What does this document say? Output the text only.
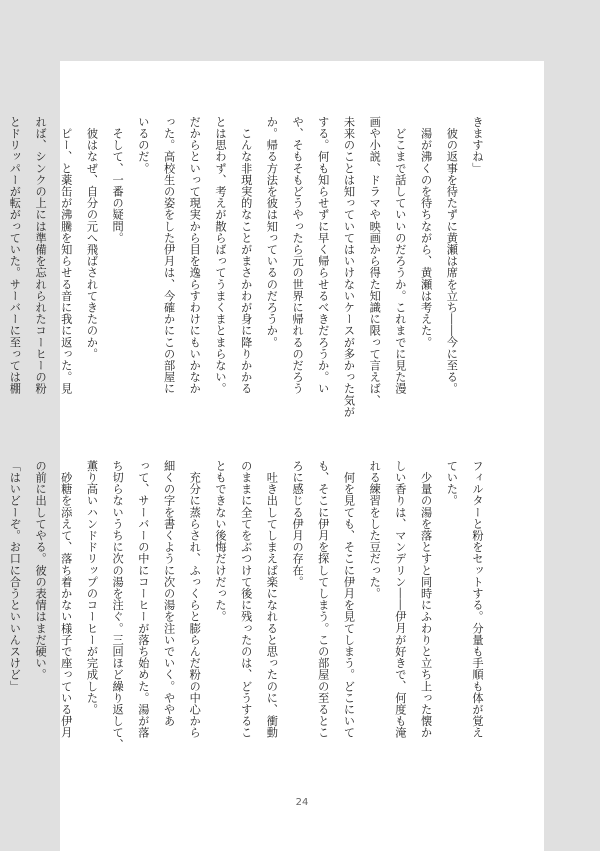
きますね」
　彼の返事を待たずに黄瀬は席を立ち――今に至る。
　湯が沸くのを待ちながら、黄瀬は考えた。
　どこまで話していいのだろうか。これまでに見た漫
画や小説、ドラマや映画から得た知識に限って言えば、
未来のことは知っていてはいけないケースが多かった気が
する。何も知らせずに早く帰らせるべきだろうか。い
や、そもそもどうやったら元の世界に帰れるのだろう
か。帰る方法を彼は知っているのだろうか。
　こんな非現実的なことがまさかわが身に降りかかる
とは思わず、考えが散らばってうまくまとまらない。
だからといって現実から目を逸らすわけにもいかなか
った。高校生の姿をした伊月は、今確かにこの部屋に
いるのだ。
　そして、一番の疑問。
　彼はなぜ、自分の元へ飛ばされてきたのか。
　ピー、と薬缶が沸騰を知らせる音に我に返った。見
れば、シンクの上には準備を忘れられたコーヒーの粉
とドリッパーが転がっていた。サーバーに至っては棚
フィルターと粉をセットする。分量も手順も体が覚え
ていた。
　少量の湯を落とすと同時にふわりと立ち上った懐か
しい香りは、マンデリン――伊月が好きで、何度も淹
れる練習をした豆だった。
　何を見ても、そこに伊月を見てしまう。どこにいて
も、そこに伊月を探してしまう。この部屋の至るとこ
ろに感じる伊月の存在。
　吐き出してしまえば楽になれると思ったのに、衝動
のままに全てをぶつけて後に残ったのは、どうするこ
ともできない後悔だけだった。
　充分に蒸らされ、ふっくらと膨らんだ粉の中心から
細くの字を書くように次の湯を注いでいく。ややあ
って、サーバーの中にコーヒーが落ち始めた。湯が落
ち切らないうちに次の湯を注ぐ。三回ほど繰り返して、
薫り高いハンドドリップのコーヒーが完成した。
　砂糖を添えて、落ち着かない様子で座っている伊月
の前に出してやる。彼の表情はまだ硬い。
「はいどーぞ。お口に合うといいんスけど」
24
